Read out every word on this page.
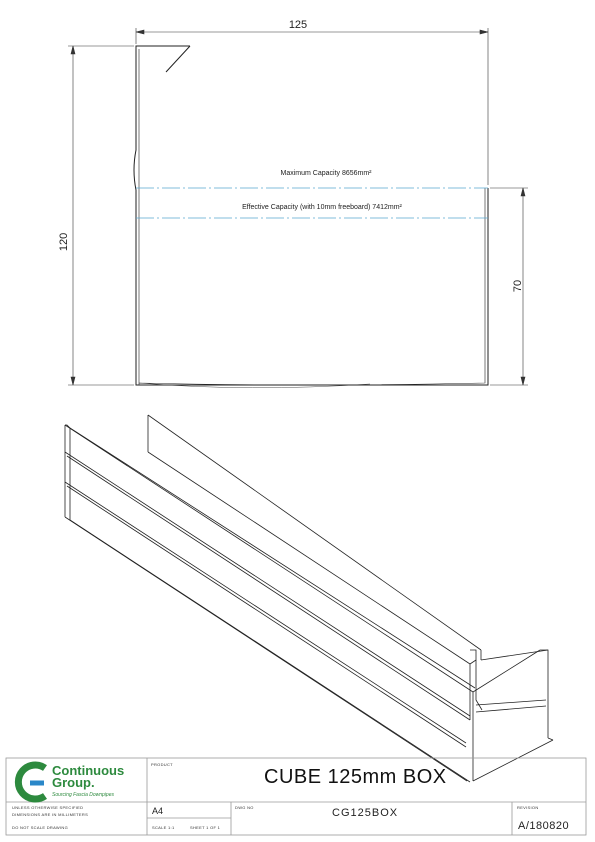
Maximum Capacity 8656mm²
Effective Capacity (with 10mm freeboard) 7412mm²
125
120
70
Continuous
Group.
Sourcing Fascia Downpipes
PRODUCT
CUBE 125mm BOX
UNLESS OTHERWISE SPECIFIED
DIMENSIONS ARE IN MILLIMETERS
DO NOT SCALE DRAWING
A4
SCALE 1:1	SHEET 1 OF 1
DWG NO	CG125BOX	REVISION
A/180820
